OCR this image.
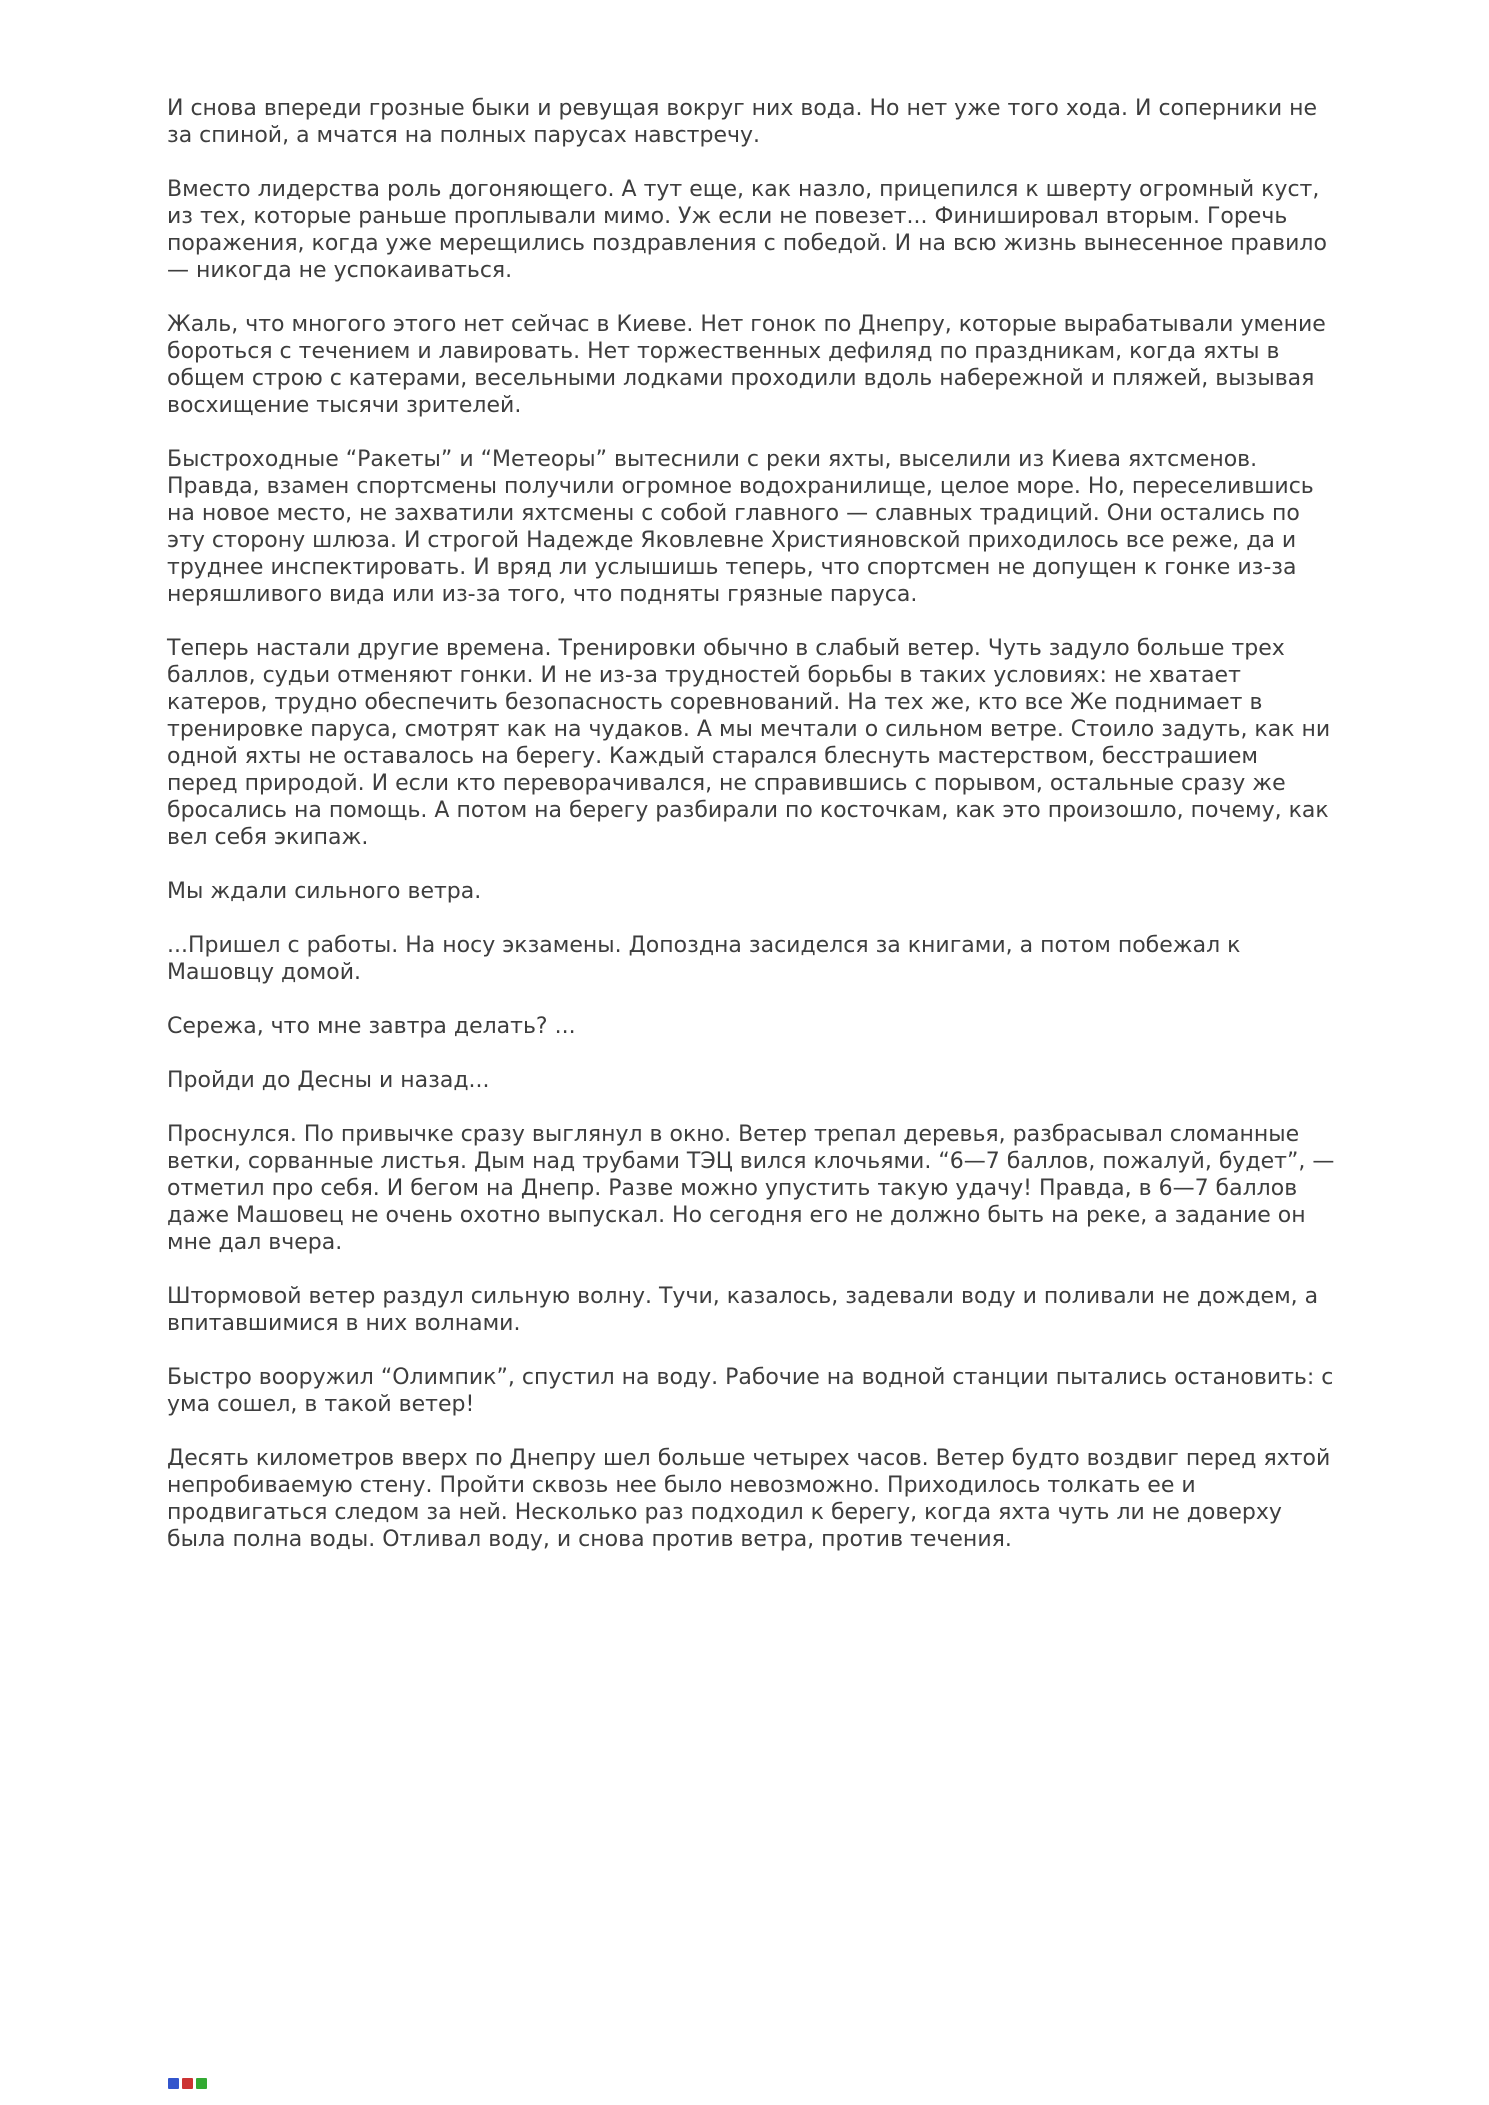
И снова впереди грозные быки и ревущая вокруг них вода. Но нет уже того хода. И соперники не за спиной, а мчатся на полных парусах навстречу.

Вместо лидерства роль догоняющего. А тут еще, как назло, прицепился к шверту огромный куст, из тех, которые раньше проплывали мимо. Уж если не повезет... Финишировал вторым. Горечь поражения, когда уже мерещились поздравления с победой. И на всю жизнь вынесенное правило — никогда не успокаиваться.

Жаль, что многого этого нет сейчас в Киеве. Нет гонок по Днепру, которые вырабатывали умение бороться с течением и лавировать. Нет торжественных дефиляд по праздникам, когда яхты в общем строю с катерами, весельными лодками проходили вдоль набережной и пляжей, вызывая восхищение тысячи зрителей.

Быстроходные “Ракеты” и “Метеоры” вытеснили с реки яхты, выселили из Киева яхтсменов. Правда, взамен спортсмены получили огромное водохранилище, целое море. Но, переселившись на новое место, не захватили яхтсмены с собой главного — славных традиций. Они остались по эту сторону шлюза. И строгой Надежде Яковлевне Християновской приходилось все реже, да и труднее инспектировать. И вряд ли услышишь теперь, что спортсмен не допущен к гонке из-за неряшливого вида или из-за того, что подняты грязные паруса.

Теперь настали другие времена. Тренировки обычно в слабый ветер. Чуть задуло больше трех баллов, судьи отменяют гонки. И не из-за трудностей борьбы в таких условиях: не хватает катеров, трудно обеспечить безопасность соревнований. На тех же, кто все Же поднимает в тренировке паруса, смотрят как на чудаков. А мы мечтали о сильном ветре. Стоило задуть, как ни одной яхты не оставалось на берегу. Каждый старался блеснуть мастерством, бесстрашием перед природой. И если кто переворачивался, не справившись с порывом, остальные сразу же бросались на помощь. А потом на берегу разбирали по косточкам, как это произошло, почему, как вел себя экипаж.

Мы ждали сильного ветра.

...Пришел с работы. На носу экзамены. Допоздна засиделся за книгами, а потом побежал к Машовцу домой.

Сережа, что мне завтра делать? ...

Пройди до Десны и назад...

Проснулся. По привычке сразу выглянул в окно. Ветер трепал деревья, разбрасывал сломанные ветки, сорванные листья. Дым над трубами ТЭЦ вился клочьями. “6—7 баллов, пожалуй, будет”, — отметил про себя. И бегом на Днепр. Разве можно упустить такую удачу! Правда, в 6—7 баллов даже Машовец не очень охотно выпускал. Но сегодня его не должно быть на реке, а задание он мне дал вчера.

Штормовой ветер раздул сильную волну. Тучи, казалось, задевали воду и поливали не дождем, а впитавшимися в них волнами.

Быстро вооружил “Олимпик”, спустил на воду. Рабочие на водной станции пытались остановить: с ума сошел, в такой ветер!

Десять километров вверх по Днепру шел больше четырех часов. Ветер будто воздвиг перед яхтой непробиваемую стену. Пройти сквозь нее было невозможно. Приходилось толкать ее и продвигаться следом за ней. Несколько раз подходил к берегу, когда яхта чуть ли не доверху была полна воды. Отливал воду, и снова против ветра, против течения.
